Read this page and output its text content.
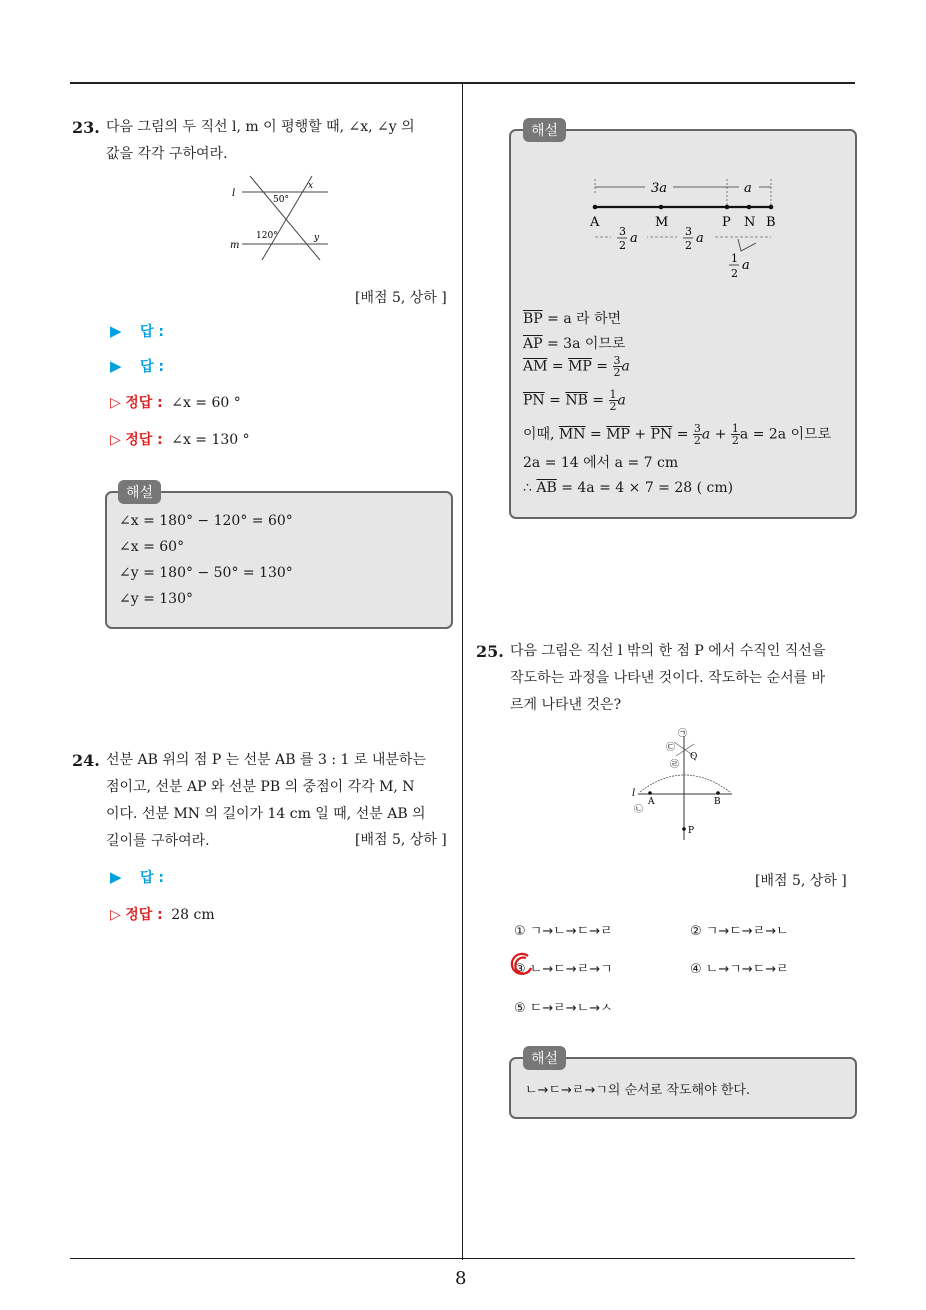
8
23. 다음 그림의 두 직선 l, m 이 평행할 때, ∠x, ∠y 의
값을 각각 구하여라.
l
m
50°
120°
x
y
[배점 5, 상하 ]
▶ 답 :
▶ 답 :
▷ 정답 : ∠x = 60 °
▷ 정답 : ∠x = 130 °
∠x = 180° − 120° = 60°
∠x = 60°
∠y = 180° − 50° = 130°
∠y = 130°
해설
24. 선분 AB 위의 점 P 는 선분 AB 를 3 : 1 로 내분하는
점이고, 선분 AP 와 선분 PB 의 중점이 각각 M, N
이다. 선분 MN 의 길이가 14 cm 일 때, 선분 AB 의
길이를 구하여라.	[배점 5, 상하 ]
▶ 답 :
▷ 정답 : 28 cm
3a	a
A	M	P N B
3
2 a	3
2 a
1
2
a
$\overline{BP} = a$ 라 하면
$\overline{AP} = 3a$ 이므로
$\overline{AM} = \overline{MP} = \frac{3}{2}$ a
$\overline{PN} = \overline{NB} = \frac{1}{2}$ a
이때, $\overline{MN} = \overline{MP} + \overline{PN} = \frac{3}{2}$ $a + \frac{1}{2}$ a = 2a 이므로
2a = 14 에서 a = 7 cm
∴ $\overline{AB} = 4a = 4 \times 7 = 28$ ( cm)
해설
25. 다음 그림은 직선 l 밖의 한 점 P 에서 수직인 직선을
작도하는 과정을 나타낸 것이다. 작도하는 순서를 바
르게 나타낸 것은?
㉠
㉢
㉣
㉡
Q
l
A	B
P
[배점 5, 상하 ]
① ㄱ→ㄴ→ㄷ→ㄹ	② ㄱ→ㄷ→ㄹ→ㄴ
③ ㄴ→ㄷ→ㄹ→ㄱ	④ ㄴ→ㄱ→ㄷ→ㄹ
⑤ ㄷ→ㄹ→ㄴ→ㅅ
ㄴ→ㄷ→ㄹ→ㄱ의 순서로 작도해야 한다.
해설
